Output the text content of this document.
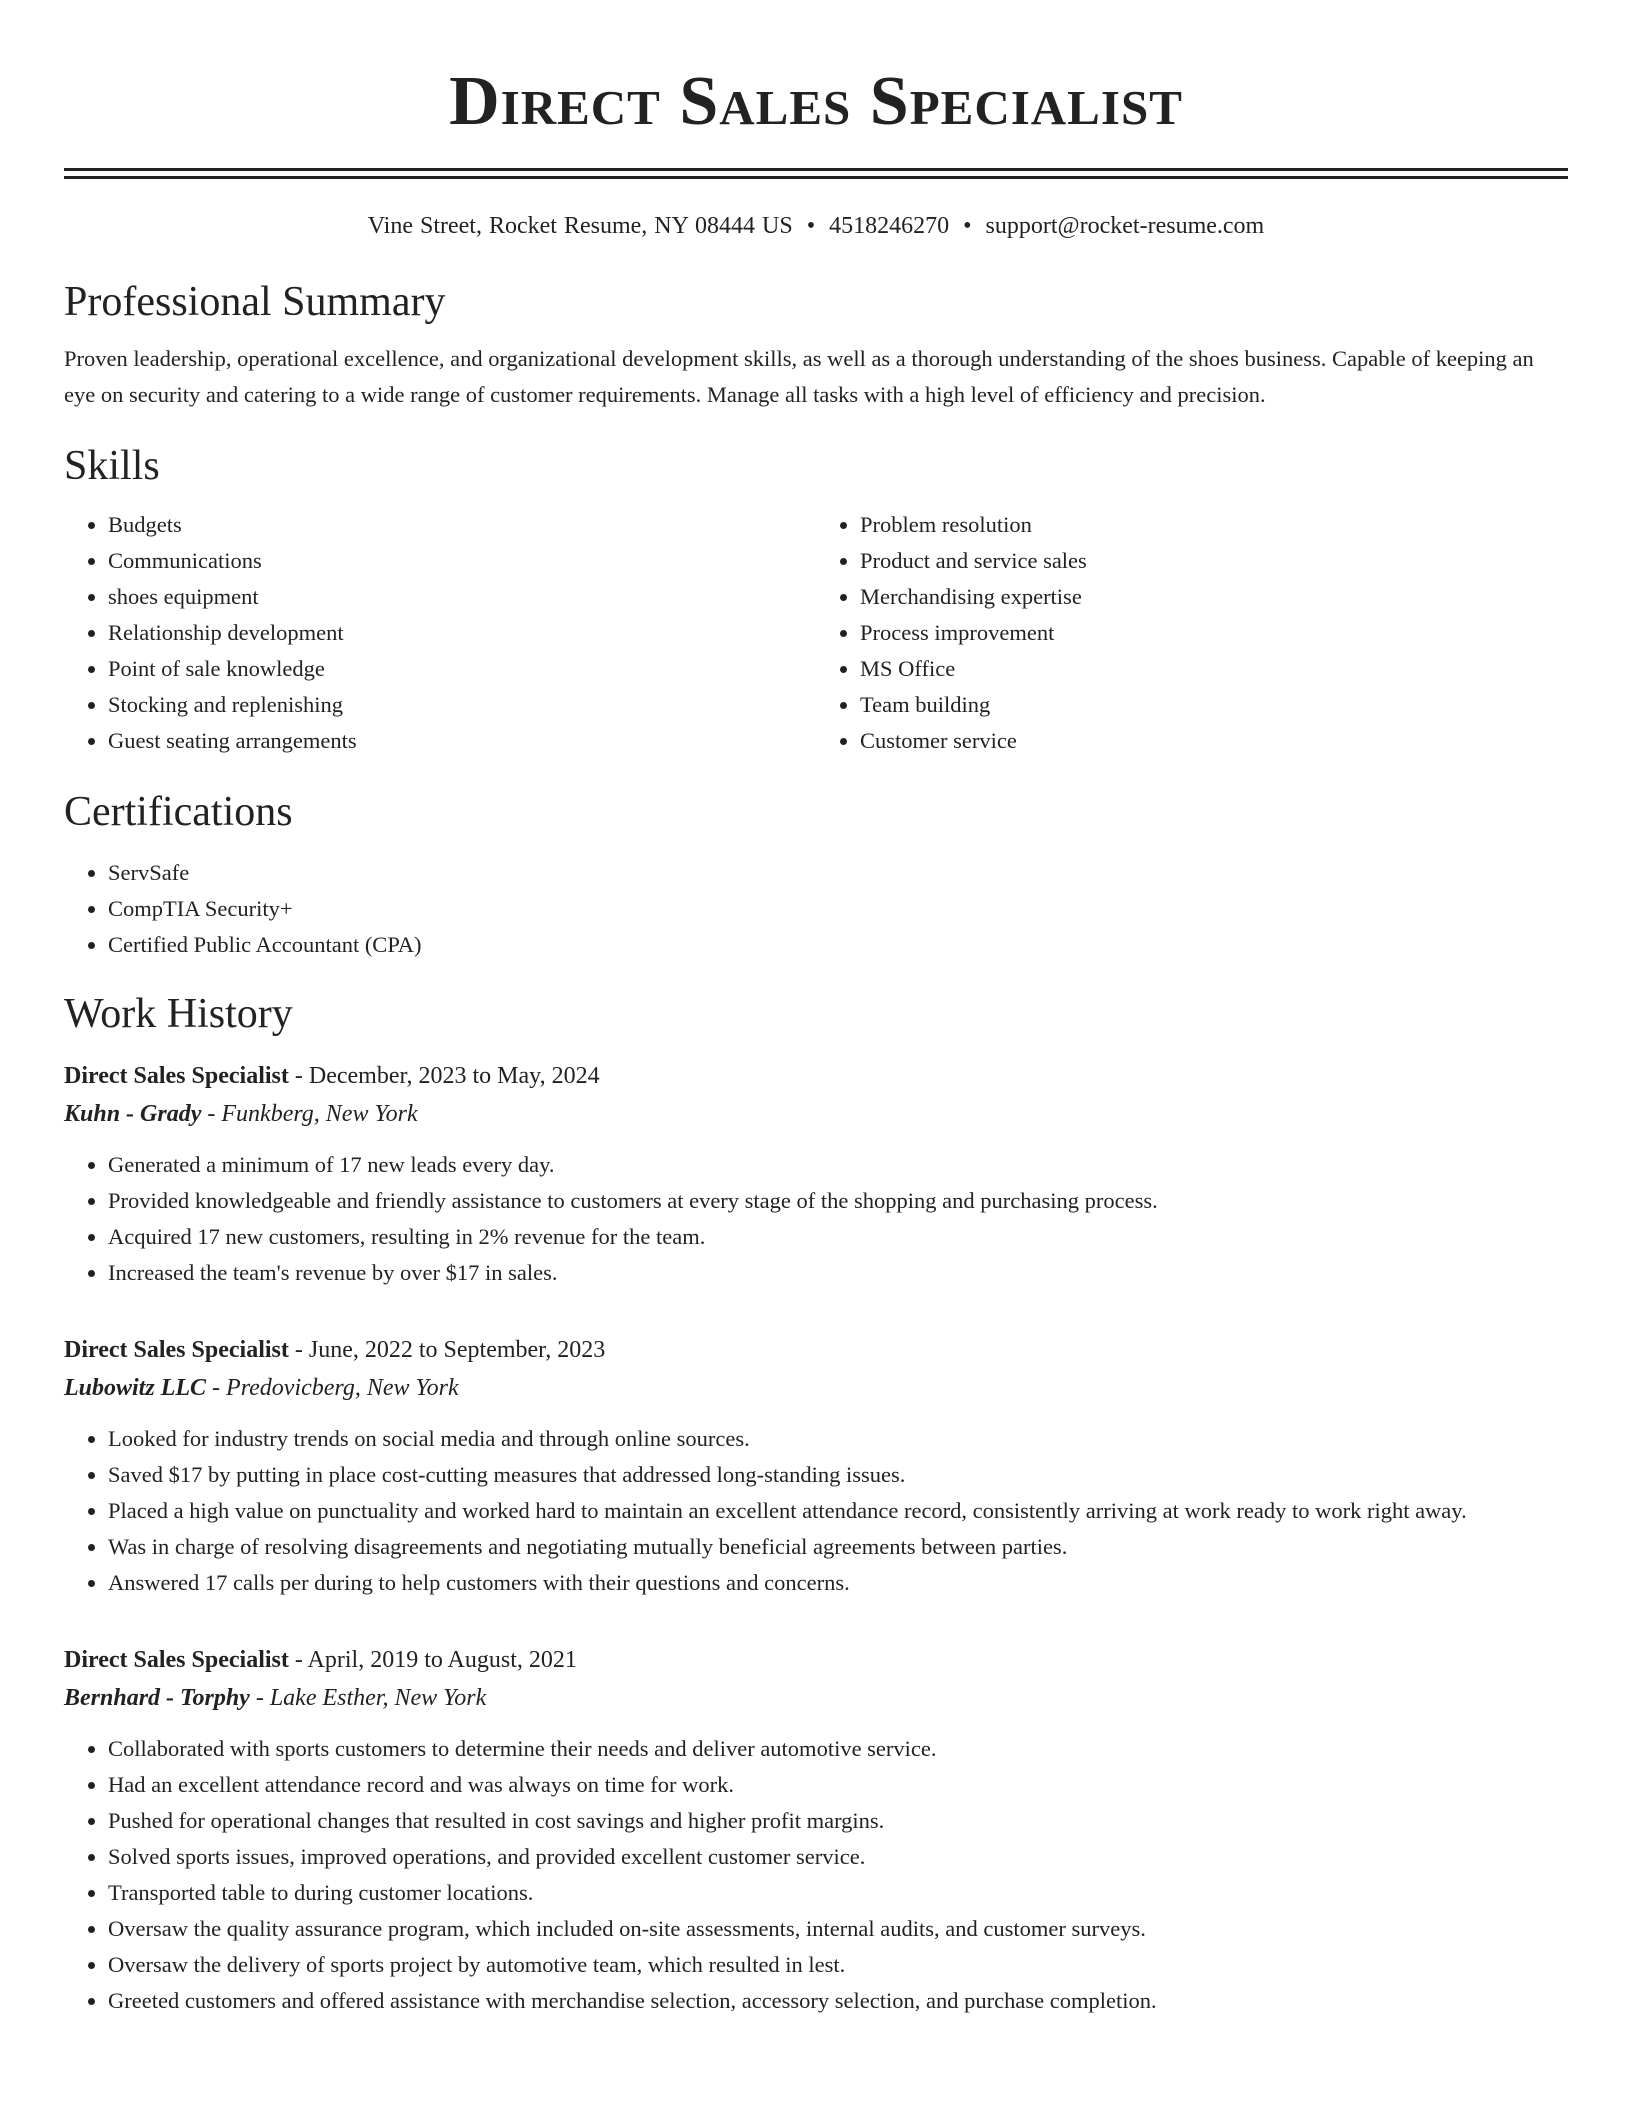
Direct Sales Specialist
Vine Street, Rocket Resume, NY 08444 US • 4518246270 • support@rocket-resume.com
Professional Summary

Proven leadership, operational excellence, and organizational development skills, as well as a thorough understanding of the shoes business. Capable of keeping an eye on security and catering to a wide range of customer requirements. Manage all tasks with a high level of efficiency and precision.

Skills
• Budgets
• Communications
• shoes equipment
• Relationship development
• Point of sale knowledge
• Stocking and replenishing
• Guest seating arrangements
• Problem resolution
• Product and service sales
• Merchandising expertise
• Process improvement
• MS Office
• Team building
• Customer service
Certifications
• ServSafe
• CompTIA Security+
• Certified Public Accountant (CPA)
Work History
Direct Sales Specialist - December, 2023 to May, 2024
Kuhn - Grady - Funkberg, New York
• Generated a minimum of 17 new leads every day.
• Provided knowledgeable and friendly assistance to customers at every stage of the shopping and purchasing process.
• Acquired 17 new customers, resulting in 2% revenue for the team.
• Increased the team's revenue by over $17 in sales.
Direct Sales Specialist - June, 2022 to September, 2023
Lubowitz LLC - Predovicberg, New York
• Looked for industry trends on social media and through online sources.
• Saved $17 by putting in place cost-cutting measures that addressed long-standing issues.
• Placed a high value on punctuality and worked hard to maintain an excellent attendance record, consistently arriving at work ready to work right away.
• Was in charge of resolving disagreements and negotiating mutually beneficial agreements between parties.
• Answered 17 calls per during to help customers with their questions and concerns.
Direct Sales Specialist - April, 2019 to August, 2021
Bernhard - Torphy - Lake Esther, New York
• Collaborated with sports customers to determine their needs and deliver automotive service.
• Had an excellent attendance record and was always on time for work.
• Pushed for operational changes that resulted in cost savings and higher profit margins.
• Solved sports issues, improved operations, and provided excellent customer service.
• Transported table to during customer locations.
• Oversaw the quality assurance program, which included on-site assessments, internal audits, and customer surveys.
• Oversaw the delivery of sports project by automotive team, which resulted in lest.
• Greeted customers and offered assistance with merchandise selection, accessory selection, and purchase completion.
